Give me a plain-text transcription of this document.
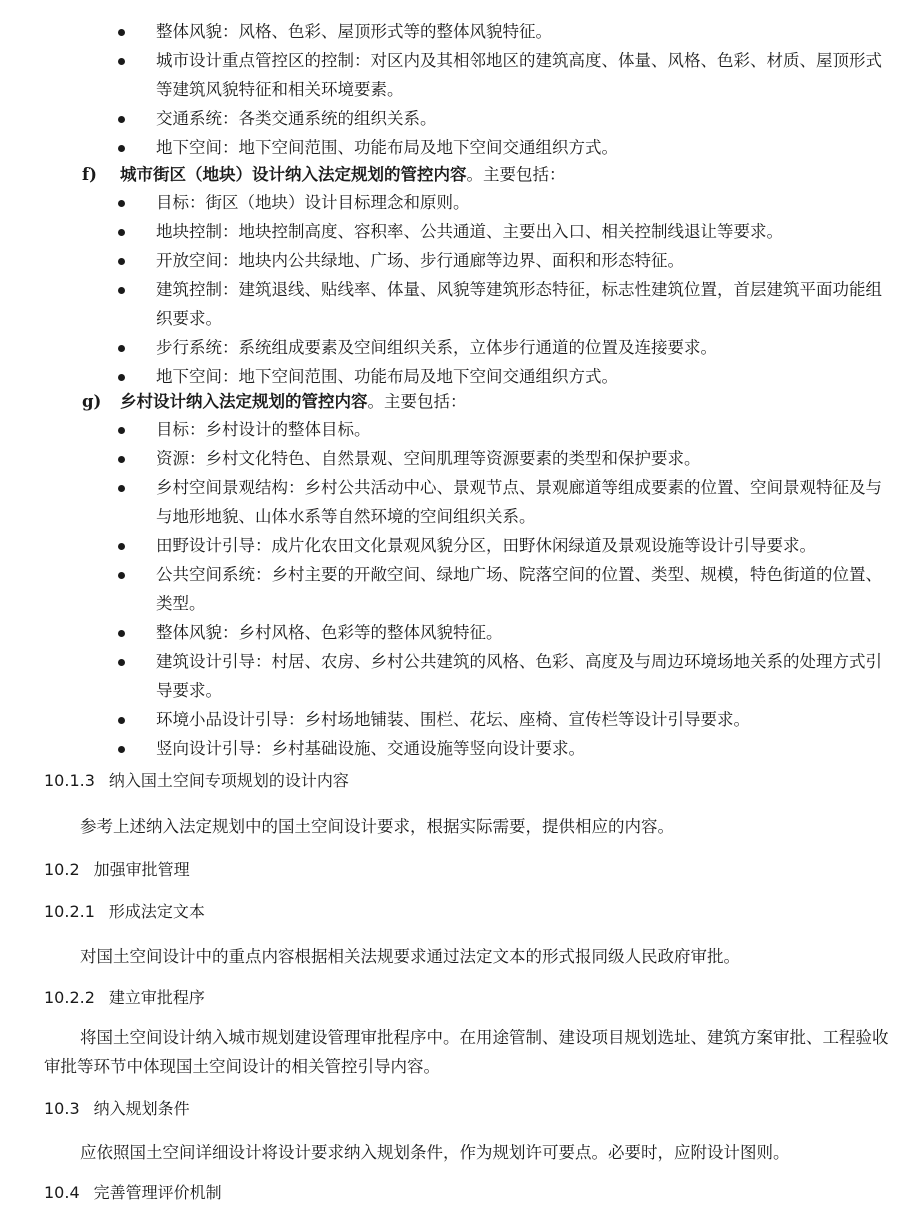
整体风貌：风格、色彩、屋顶形式等的整体风貌特征。
城市设计重点管控区的控制：对区内及其相邻地区的建筑高度、体量、风格、色彩、材质、屋顶形式等建筑风貌特征和相关环境要素。
交通系统：各类交通系统的组织关系。
地下空间：地下空间范围、功能布局及地下空间交通组织方式。
f) 城市街区（地块）设计纳入法定规划的管控内容。主要包括：
目标：街区（地块）设计目标理念和原则。
地块控制：地块控制高度、容积率、公共通道、主要出入口、相关控制线退让等要求。
开放空间：地块内公共绿地、广场、步行通廊等边界、面积和形态特征。
建筑控制：建筑退线、贴线率、体量、风貌等建筑形态特征，标志性建筑位置，首层建筑平面功能组织要求。
步行系统：系统组成要素及空间组织关系，立体步行通道的位置及连接要求。
地下空间：地下空间范围、功能布局及地下空间交通组织方式。
g) 乡村设计纳入法定规划的管控内容。主要包括：
目标：乡村设计的整体目标。
资源：乡村文化特色、自然景观、空间肌理等资源要素的类型和保护要求。
乡村空间景观结构：乡村公共活动中心、景观节点、景观廊道等组成要素的位置、空间景观特征及与与地形地貌、山体水系等自然环境的空间组织关系。
田野设计引导：成片化农田文化景观风貌分区，田野休闲绿道及景观设施等设计引导要求。
公共空间系统：乡村主要的开敞空间、绿地广场、院落空间的位置、类型、规模，特色街道的位置、类型。
整体风貌：乡村风格、色彩等的整体风貌特征。
建筑设计引导：村居、农房、乡村公共建筑的风格、色彩、高度及与周边环境场地关系的处理方式引导要求。
环境小品设计引导：乡村场地铺装、围栏、花坛、座椅、宣传栏等设计引导要求。
竖向设计引导：乡村基础设施、交通设施等竖向设计要求。
10.1.3 纳入国土空间专项规划的设计内容

参考上述纳入法定规划中的国土空间设计要求，根据实际需要，提供相应的内容。

10.2 加强审批管理
10.2.1 形成法定文本

对国土空间设计中的重点内容根据相关法规要求通过法定文本的形式报同级人民政府审批。

10.2.2 建立审批程序

将国土空间设计纳入城市规划建设管理审批程序中。在用途管制、建设项目规划选址、建筑方案审批、工程验收审批等环节中体现国土空间设计的相关管控引导内容。

10.3 纳入规划条件

应依照国土空间详细设计将设计要求纳入规划条件，作为规划许可要点。必要时，应附设计图则。

10.4 完善管理评价机制
